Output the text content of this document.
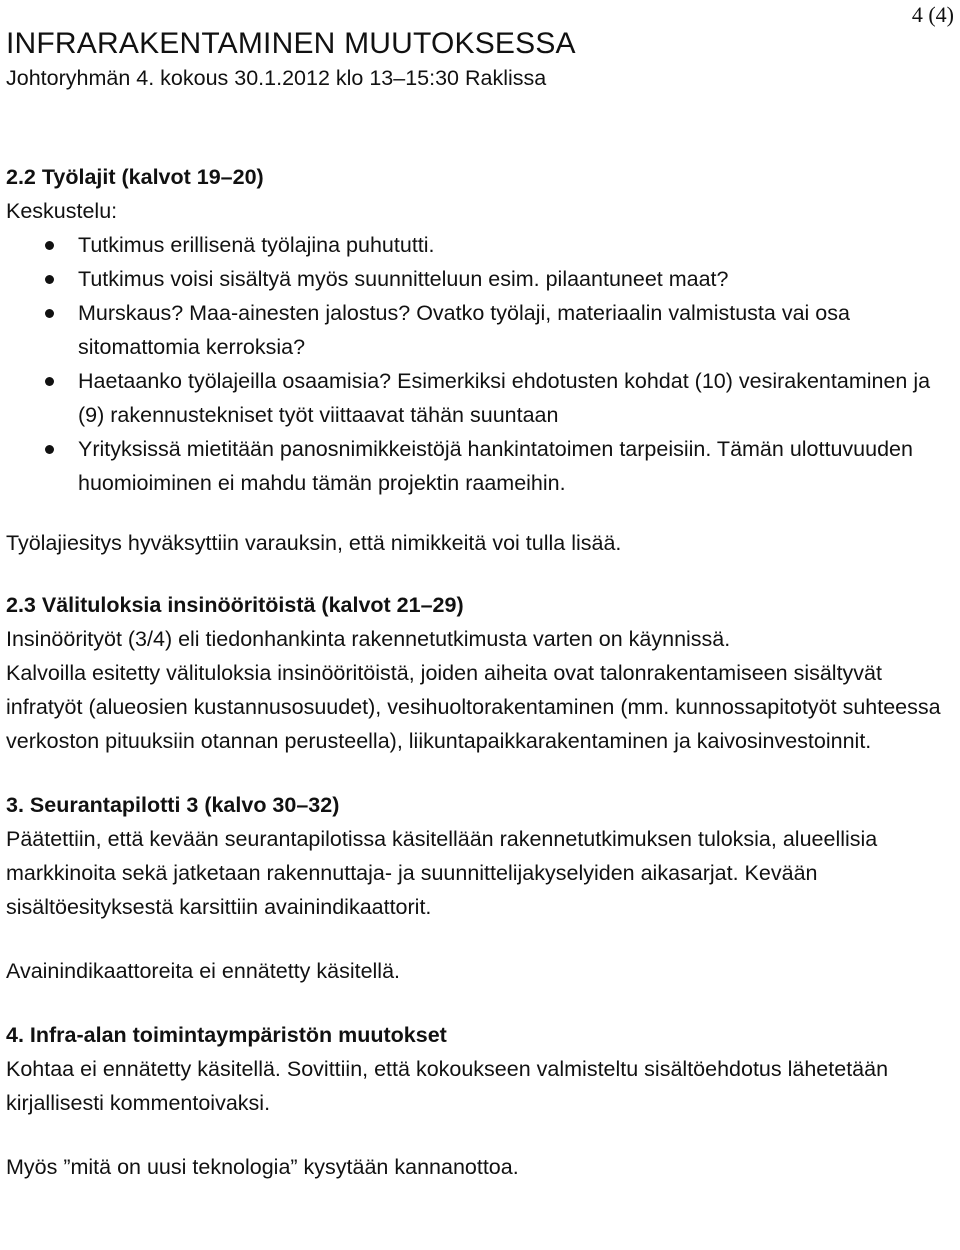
4 (4)
INFRARAKENTAMINEN MUUTOKSESSA

Johtoryhmän 4. kokous 30.1.2012 klo 13–15:30 Raklissa

2.2 Työlajit (kalvot 19–20)

Keskustelu:

Tutkimus erillisenä työlajina puhututti.
Tutkimus voisi sisältyä myös suunnitteluun esim. pilaantuneet maat?
Murskaus? Maa-ainesten jalostus? Ovatko työlaji, materiaalin valmistusta vai osa sitomattomia kerroksia?
Haetaanko työlajeilla osaamisia? Esimerkiksi ehdotusten kohdat (10) vesirakentaminen ja (9) rakennustekniset työt viittaavat tähän suuntaan
Yrityksissä mietitään panosnimikkeistöjä hankintatoimen tarpeisiin. Tämän ulottuvuuden huomioiminen ei mahdu tämän projektin raameihin.

Työlajiesitys hyväksyttiin varauksin, että nimikkeitä voi tulla lisää.

2.3 Välituloksia insinööritöistä (kalvot 21–29)

Insinöörityöt (3/4) eli tiedonhankinta rakennetutkimusta varten on käynnissä.

Kalvoilla esitetty välituloksia insinööritöistä, joiden aiheita ovat talonrakentamiseen sisältyvät infratyöt (alueosien kustannusosuudet), vesihuoltorakentaminen (mm. kunnossapitotyöt suhteessa verkoston pituuksiin otannan perusteella), liikuntapaikkarakentaminen ja kaivosinvestoinnit.

3. Seurantapilotti 3 (kalvo 30–32)

Päätettiin, että kevään seurantapilotissa käsitellään rakennetutkimuksen tuloksia, alueellisia markkinoita sekä jatketaan rakennuttaja- ja suunnittelijakyselyiden aikasarjat. Kevään sisältöesityksestä karsittiin avainindikaattorit.

Avainindikaattoreita ei ennätetty käsitellä.

4. Infra-alan toimintaympäristön muutokset

Kohtaa ei ennätetty käsitellä. Sovittiin, että kokoukseen valmisteltu sisältöehdotus lähetetään kirjallisesti kommentoivaksi.

Myös ”mitä on uusi teknologia” kysytään kannanottoa.
